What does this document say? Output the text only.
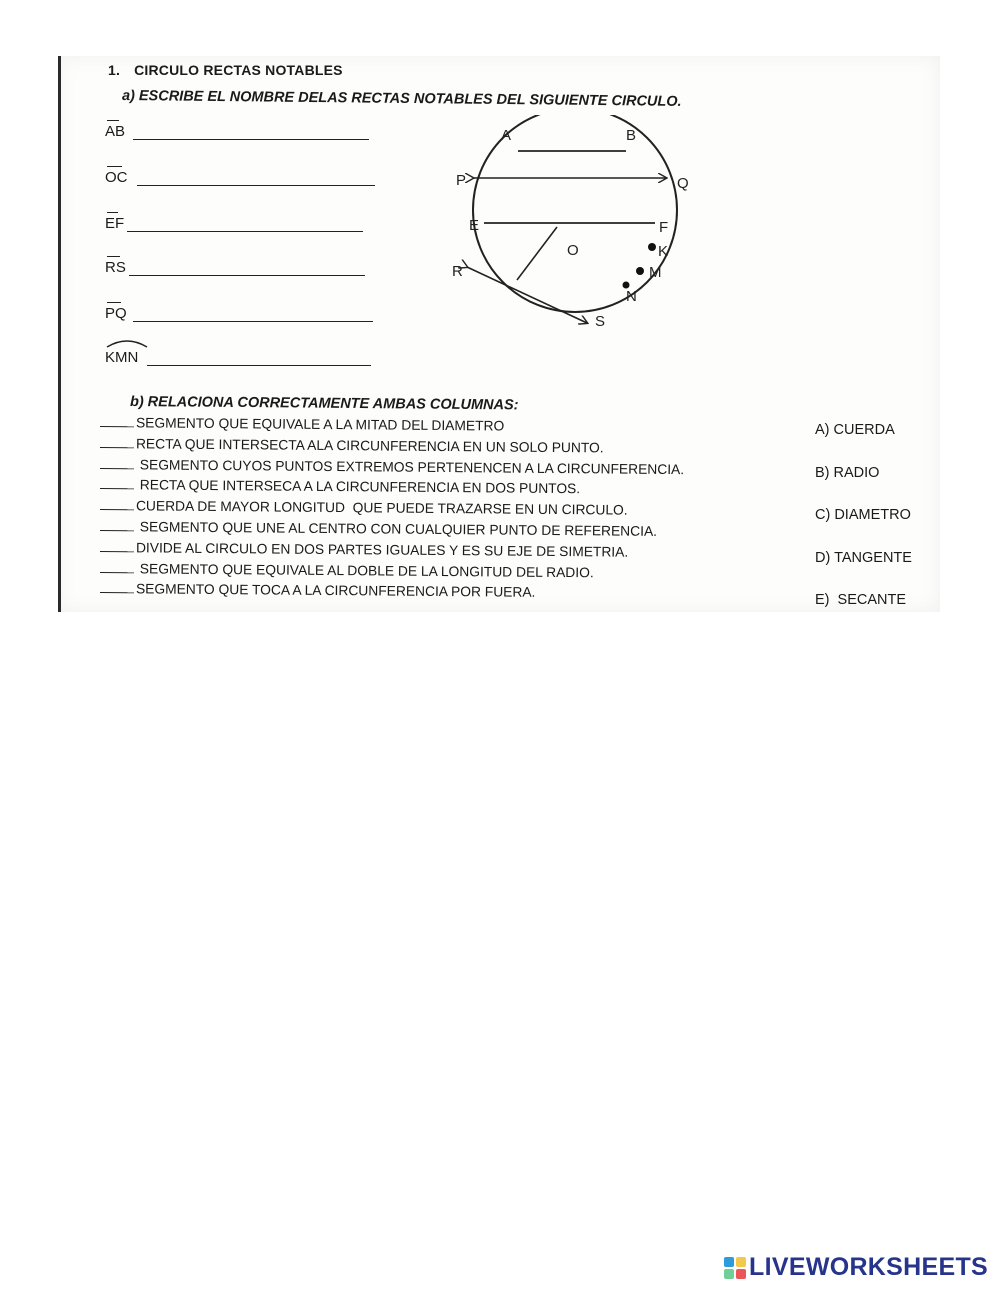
1. CIRCULO RECTAS NOTABLES
a) ESCRIBE EL NOMBRE DELAS RECTAS NOTABLES DEL SIGUIENTE CIRCULO.
AB
OC
EF
RS
PQ
KMN
A	B
P	Q
E	F
O	K
M
N
R
S
b) RELACIONA CORRECTAMENTE AMBAS COLUMNAS:
SEGMENTO QUE EQUIVALE A LA MITAD DEL DIAMETRO
RECTA QUE INTERSECTA ALA CIRCUNFERENCIA EN UN SOLO PUNTO.
SEGMENTO CUYOS PUNTOS EXTREMOS PERTENENCEN A LA CIRCUNFERENCIA.
RECTA QUE INTERSECA A LA CIRCUNFERENCIA EN DOS PUNTOS.
CUERDA DE MAYOR LONGITUD  QUE PUEDE TRAZARSE EN UN CIRCULO.
SEGMENTO QUE UNE AL CENTRO CON CUALQUIER PUNTO DE REFERENCIA.
DIVIDE AL CIRCULO EN DOS PARTES IGUALES Y ES SU EJE DE SIMETRIA.
SEGMENTO QUE EQUIVALE AL DOBLE DE LA LONGITUD DEL RADIO.
SEGMENTO QUE TOCA A LA CIRCUNFERENCIA POR FUERA.
A) CUERDA
B) RADIO
C) DIAMETRO
D) TANGENTE
E)  SECANTE
LIVEWORKSHEETS
